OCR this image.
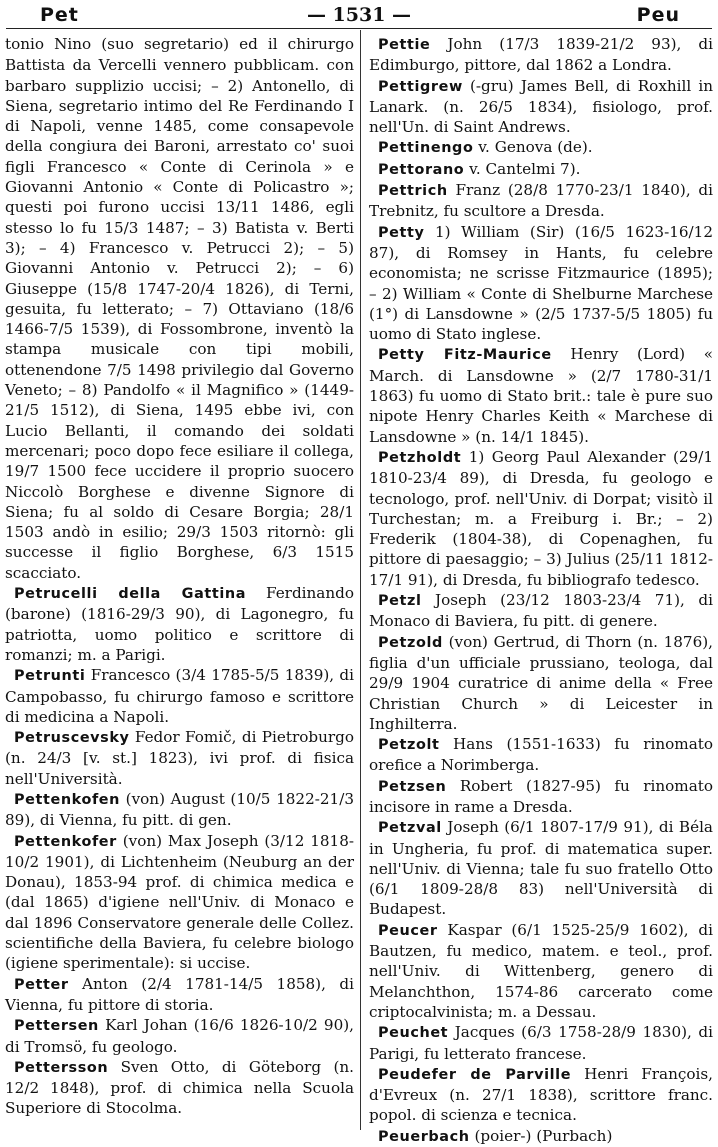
Pet	— 1531 —	Peu

tonio Nino (suo segretario) ed il chirurgo Battista da Vercelli vennero pubblicam. con barbaro supplizio uccisi; – 2) Antonello, di Siena, segretario intimo del Re Ferdinando I di Napoli, venne 1485, come consapevole della congiura dei Baroni, arrestato co' suoi figli Francesco « Conte di Cerinola » e Giovanni Antonio « Conte di Policastro »; questi poi furono uccisi 13/11 1486, egli stesso lo fu 15/3 1487; – 3) Batista v. Berti 3); – 4) Francesco v. Petrucci 2); – 5) Giovanni Antonio v. Petrucci 2); – 6) Giuseppe (15/8 1747-20/4 1826), di Terni, gesuita, fu letterato; – 7) Ottaviano (18/6 1466-7/5 1539), di Fossombrone, inventò la stampa musicale con tipi mobili, ottenendone 7/5 1498 privilegio dal Governo Veneto; – 8) Pandolfo « il Magnifico » (1449-21/5 1512), di Siena, 1495 ebbe ivi, con Lucio Bellanti, il comando dei soldati mercenari; poco dopo fece esiliare il collega, 19/7 1500 fece uccidere il proprio suocero Niccolò Borghese e divenne Signore di Siena; fu al soldo di Cesare Borgia; 28/1 1503 andò in esilio; 29/3 1503 ritornò: gli successe il figlio Borghese, 6/3 1515 scacciato.

Petrucelli della Gattina Ferdinando (barone) (1816-29/3 90), di Lagonegro, fu patriotta, uomo politico e scrittore di romanzi; m. a Parigi.

Petrunti Francesco (3/4 1785-5/5 1839), di Campobasso, fu chirurgo famoso e scrittore di medicina a Napoli.

Petruscevsky Fedor Fomič, di Pietroburgo (n. 24/3 [v. st.] 1823), ivi prof. di fisica nell'Università.

Pettenkofen (von) August (10/5 1822-21/3 89), di Vienna, fu pitt. di gen.

Pettenkofer (von) Max Joseph (3/12 1818-10/2 1901), di Lichtenheim (Neuburg an der Donau), 1853-94 prof. di chimica medica e (dal 1865) d'igiene nell'Univ. di Monaco e dal 1896 Conservatore generale delle Collez. scientifiche della Baviera, fu celebre biologo (igiene sperimentale): si uccise.

Petter Anton (2/4 1781-14/5 1858), di Vienna, fu pittore di storia.

Pettersen Karl Johan (16/6 1826-10/2 90), di Tromsö, fu geologo.

Pettersson Sven Otto, di Göteborg (n. 12/2 1848), prof. di chimica nella Scuola Superiore di Stocolma.

Pettie John (17/3 1839-21/2 93), di Edimburgo, pittore, dal 1862 a Londra.

Pettigrew (-gru) James Bell, di Roxhill in Lanark. (n. 26/5 1834), fisiologo, prof. nell'Un. di Saint Andrews.

Pettinengo v. Genova (de).

Pettorano v. Cantelmi 7).

Pettrich Franz (28/8 1770-23/1 1840), di Trebnitz, fu scultore a Dresda.

Petty 1) William (Sir) (16/5 1623-16/12 87), di Romsey in Hants, fu celebre economista; ne scrisse Fitzmaurice (1895); – 2) William « Conte di Shelburne Marchese (1°) di Lansdowne » (2/5 1737-5/5 1805) fu uomo di Stato inglese.

Petty Fitz-Maurice Henry (Lord) « March. di Lansdowne » (2/7 1780-31/1 1863) fu uomo di Stato brit.: tale è pure suo nipote Henry Charles Keith « Marchese di Lansdowne » (n. 14/1 1845).

Petzholdt 1) Georg Paul Alexander (29/1 1810-23/4 89), di Dresda, fu geologo e tecnologo, prof. nell'Univ. di Dorpat; visitò il Turchestan; m. a Freiburg i. Br.; – 2) Frederik (1804-38), di Copenaghen, fu pittore di paesaggio; – 3) Julius (25/11 1812-17/1 91), di Dresda, fu bibliografo tedesco.

Petzl Joseph (23/12 1803-23/4 71), di Monaco di Baviera, fu pitt. di genere.

Petzold (von) Gertrud, di Thorn (n. 1876), figlia d'un ufficiale prussiano, teologa, dal 29/9 1904 curatrice di anime della « Free Christian Church » di Leicester in Inghilterra.

Petzolt Hans (1551-1633) fu rinomato orefice a Norimberga.

Petzsen Robert (1827-95) fu rinomato incisore in rame a Dresda.

Petzval Joseph (6/1 1807-17/9 91), di Béla in Ungheria, fu prof. di matematica super. nell'Univ. di Vienna; tale fu suo fratello Otto (6/1 1809-28/8 83) nell'Università di Budapest.

Peucer Kaspar (6/1 1525-25/9 1602), di Bautzen, fu medico, matem. e teol., prof. nell'Univ. di Wittenberg, genero di Melanchthon, 1574-86 carcerato come criptocalvinista; m. a Dessau.

Peuchet Jacques (6/3 1758-28/9 1830), di Parigi, fu letterato francese.

Peudefer de Parville Henri François, d'Evreux (n. 27/1 1838), scrittore franc. popol. di scienza e tecnica.

Peuerbach (poier-) (Purbach)
